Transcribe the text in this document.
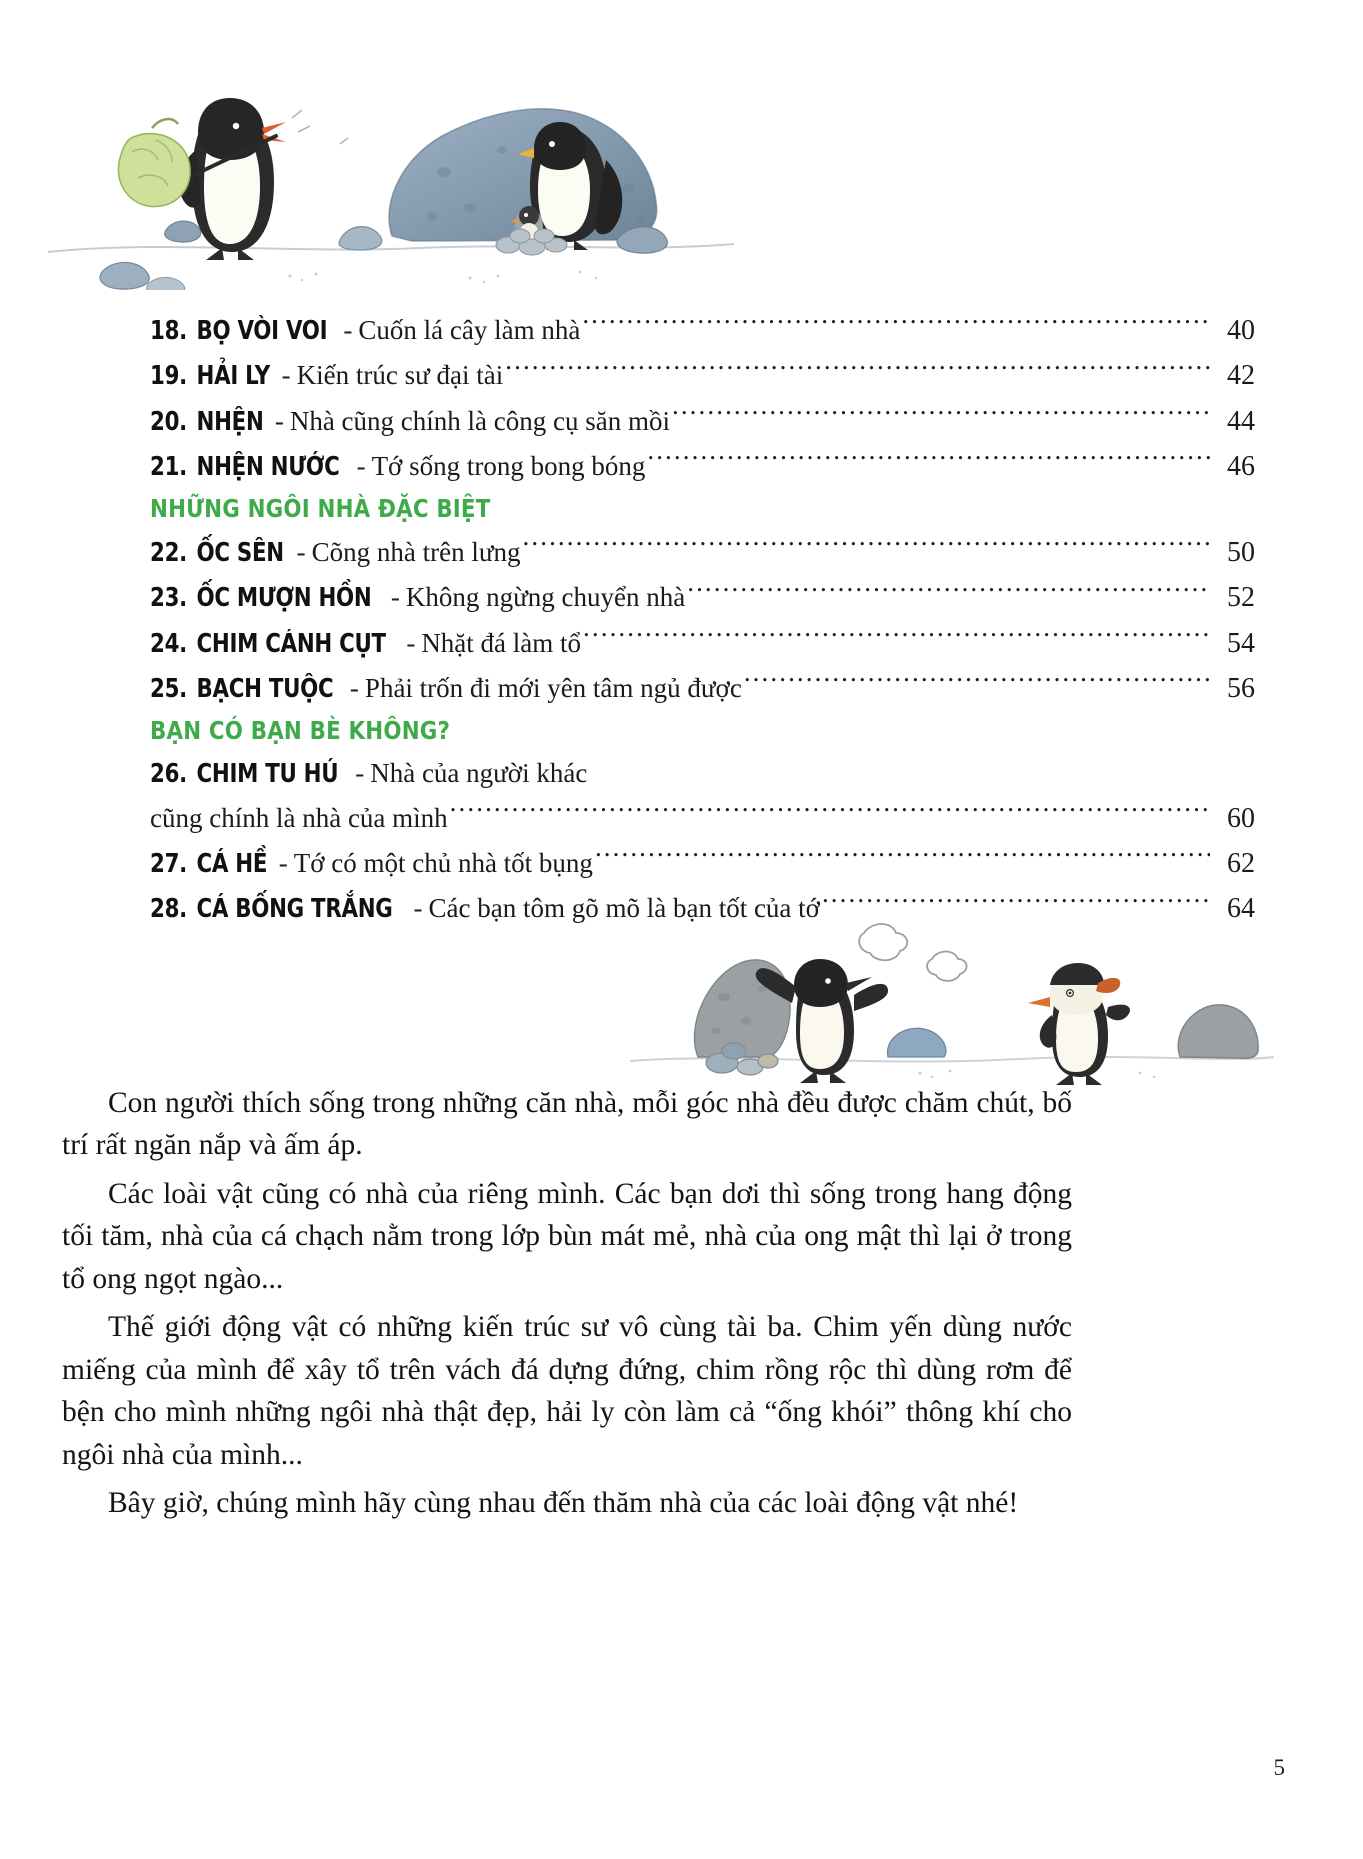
18. BỌ VÒI VOI - Cuốn lá cây làm nhà .....	40
19. HẢI LY - Kiến trúc sư đại tài .....	42
20. NHỆN - Nhà cũng chính là công cụ săn mồi .....	44
21. NHỆN NƯỚC - Tớ sống trong bong bóng .....	46
NHỮNG NGÔI NHÀ ĐẶC BIỆT
22. ỐC SÊN - Cõng nhà trên lưng .....	50
23. ỐC MƯỢN HỒN - Không ngừng chuyển nhà .....	52
24. CHIM CÁNH CỤT - Nhặt đá làm tổ .....	54
25. BẠCH TUỘC - Phải trốn đi mới yên tâm ngủ được .....	56
BẠN CÓ BẠN BÈ KHÔNG?
26. CHIM TU HÚ - Nhà của người khác
cũng chính là nhà của mình .....	60
27. CÁ HỀ - Tớ có một chủ nhà tốt bụng .....	62
28. CÁ BỐNG TRẮNG - Các bạn tôm gõ mõ là bạn tốt của tớ .....	64

Con người thích sống trong những căn nhà, mỗi góc nhà đều được chăm chút, bố trí rất ngăn nắp và ấm áp.

Các loài vật cũng có nhà của riêng mình. Các bạn dơi thì sống trong hang động tối tăm, nhà của cá chạch nằm trong lớp bùn mát mẻ, nhà của ong mật thì lại ở trong tổ ong ngọt ngào...

Thế giới động vật có những kiến trúc sư vô cùng tài ba. Chim yến dùng nước miếng của mình để xây tổ trên vách đá dựng đứng, chim rồng rộc thì dùng rơm để bện cho mình những ngôi nhà thật đẹp, hải ly còn làm cả “ống khói” thông khí cho ngôi nhà của mình...

Bây giờ, chúng mình hãy cùng nhau đến thăm nhà của các loài động vật nhé!

5
